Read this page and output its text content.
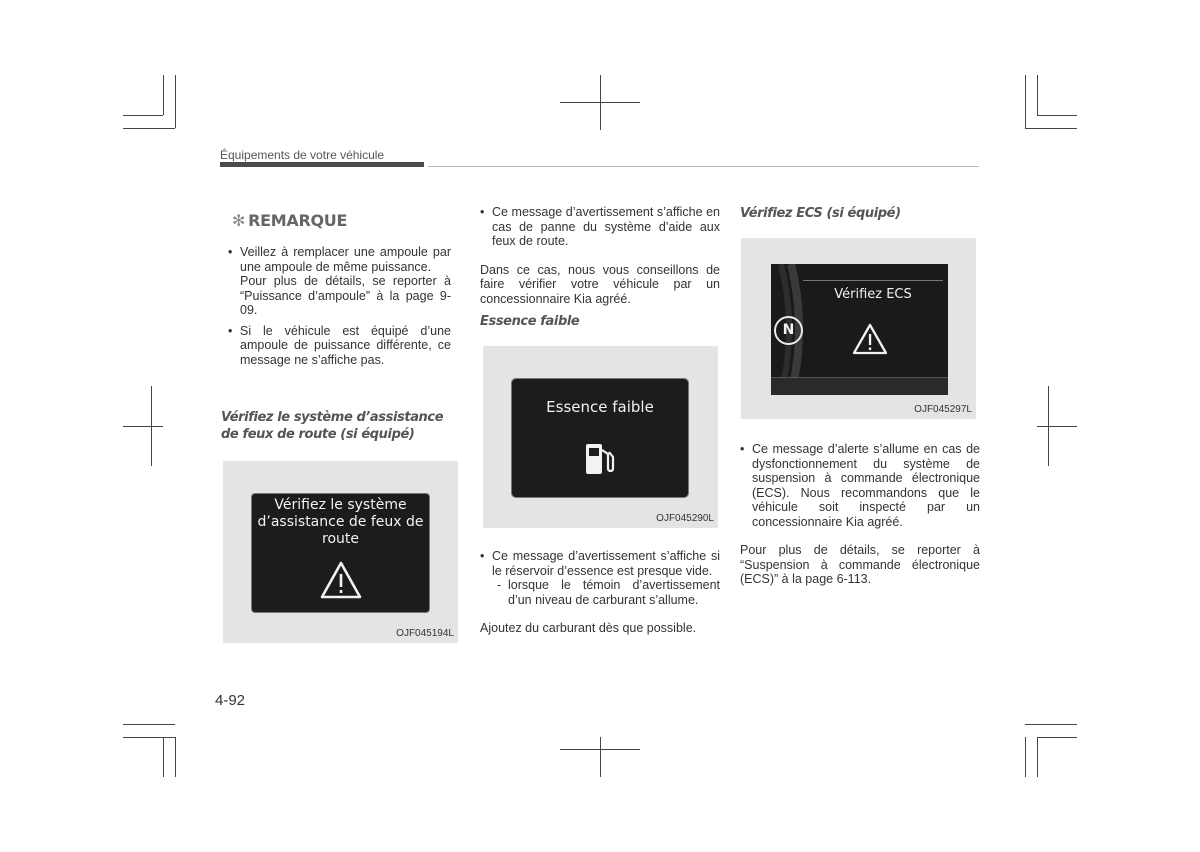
Équipements de votre véhicule
✻ REMARQUE

• Veillez à remplacer une ampoule par une ampoule de même puissance.

Pour plus de détails, se reporter à “Puissance d’ampoule” à la page 9-09.

• Si le véhicule est équipé d’une ampoule de puissance différente, ce message ne s’affiche pas.

Vérifiez le système d’assistance de feux de route (si équipé)
Vérifiez le système d’assistance de feux de route
OJF045194L

• Ce message d’avertissement s’affiche en cas de panne du système d’aide aux feux de route.

Dans ce cas, nous vous conseillons de faire vérifier votre véhicule par un concessionnaire Kia agréé.

Essence faible
Essence faible
OJF045290L

• Ce message d’avertissement s’affiche si le réservoir d’essence est presque vide.

- lorsque le témoin d’avertissement d’un niveau de carburant s’allume.

Ajoutez du carburant dès que possible.

Vérifiez ECS (si équipé)
Vérifiez ECS
N
OJF045297L

• Ce message d’alerte s’allume en cas de dysfonctionnement du système de suspension à commande électronique (ECS). Nous recommandons que le véhicule soit inspecté par un concessionnaire Kia agréé.

Pour plus de détails, se reporter à “Suspension à commande électronique (ECS)” à la page 6-113.

4-92
